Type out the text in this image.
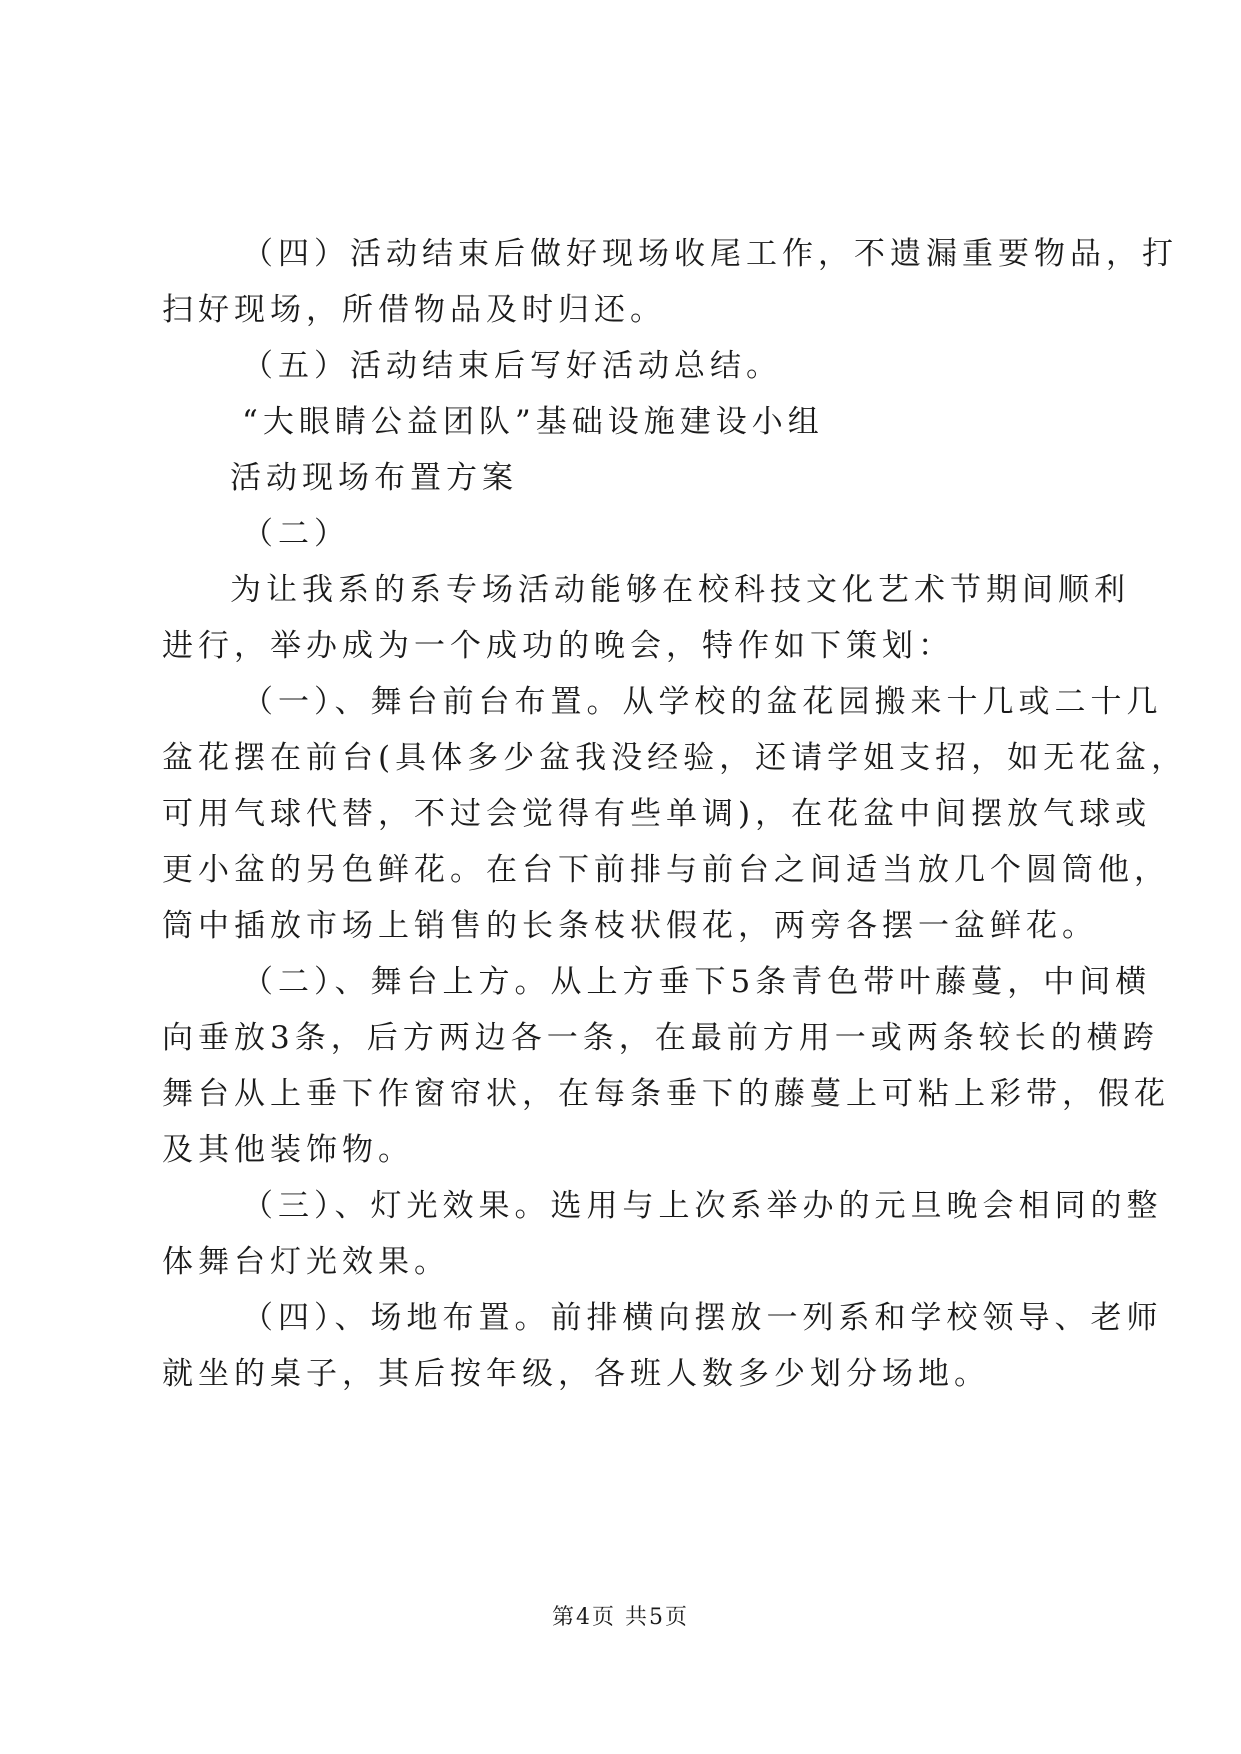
（四）活动结束后做好现场收尾工作，不遗漏重要物品，打
扫好现场，所借物品及时归还。
（五）活动结束后写好活动总结。
“大眼睛公益团队”基础设施建设小组
活动现场布置方案
（二）
为让我系的系专场活动能够在校科技文化艺术节期间顺利
进行，举办成为一个成功的晚会，特作如下策划：
（一）、舞台前台布置。从学校的盆花园搬来十几或二十几
盆花摆在前台(具体多少盆我没经验，还请学姐支招，如无花盆，
可用气球代替，不过会觉得有些单调)，在花盆中间摆放气球或
更小盆的另色鲜花。在台下前排与前台之间适当放几个圆筒他，
筒中插放市场上销售的长条枝状假花，两旁各摆一盆鲜花。
（二）、舞台上方。从上方垂下5条青色带叶藤蔓，中间横
向垂放3条，后方两边各一条，在最前方用一或两条较长的横跨
舞台从上垂下作窗帘状，在每条垂下的藤蔓上可粘上彩带，假花
及其他装饰物。
（三）、灯光效果。选用与上次系举办的元旦晚会相同的整
体舞台灯光效果。
（四）、场地布置。前排横向摆放一列系和学校领导、老师
就坐的桌子，其后按年级，各班人数多少划分场地。
第4页 共5页
